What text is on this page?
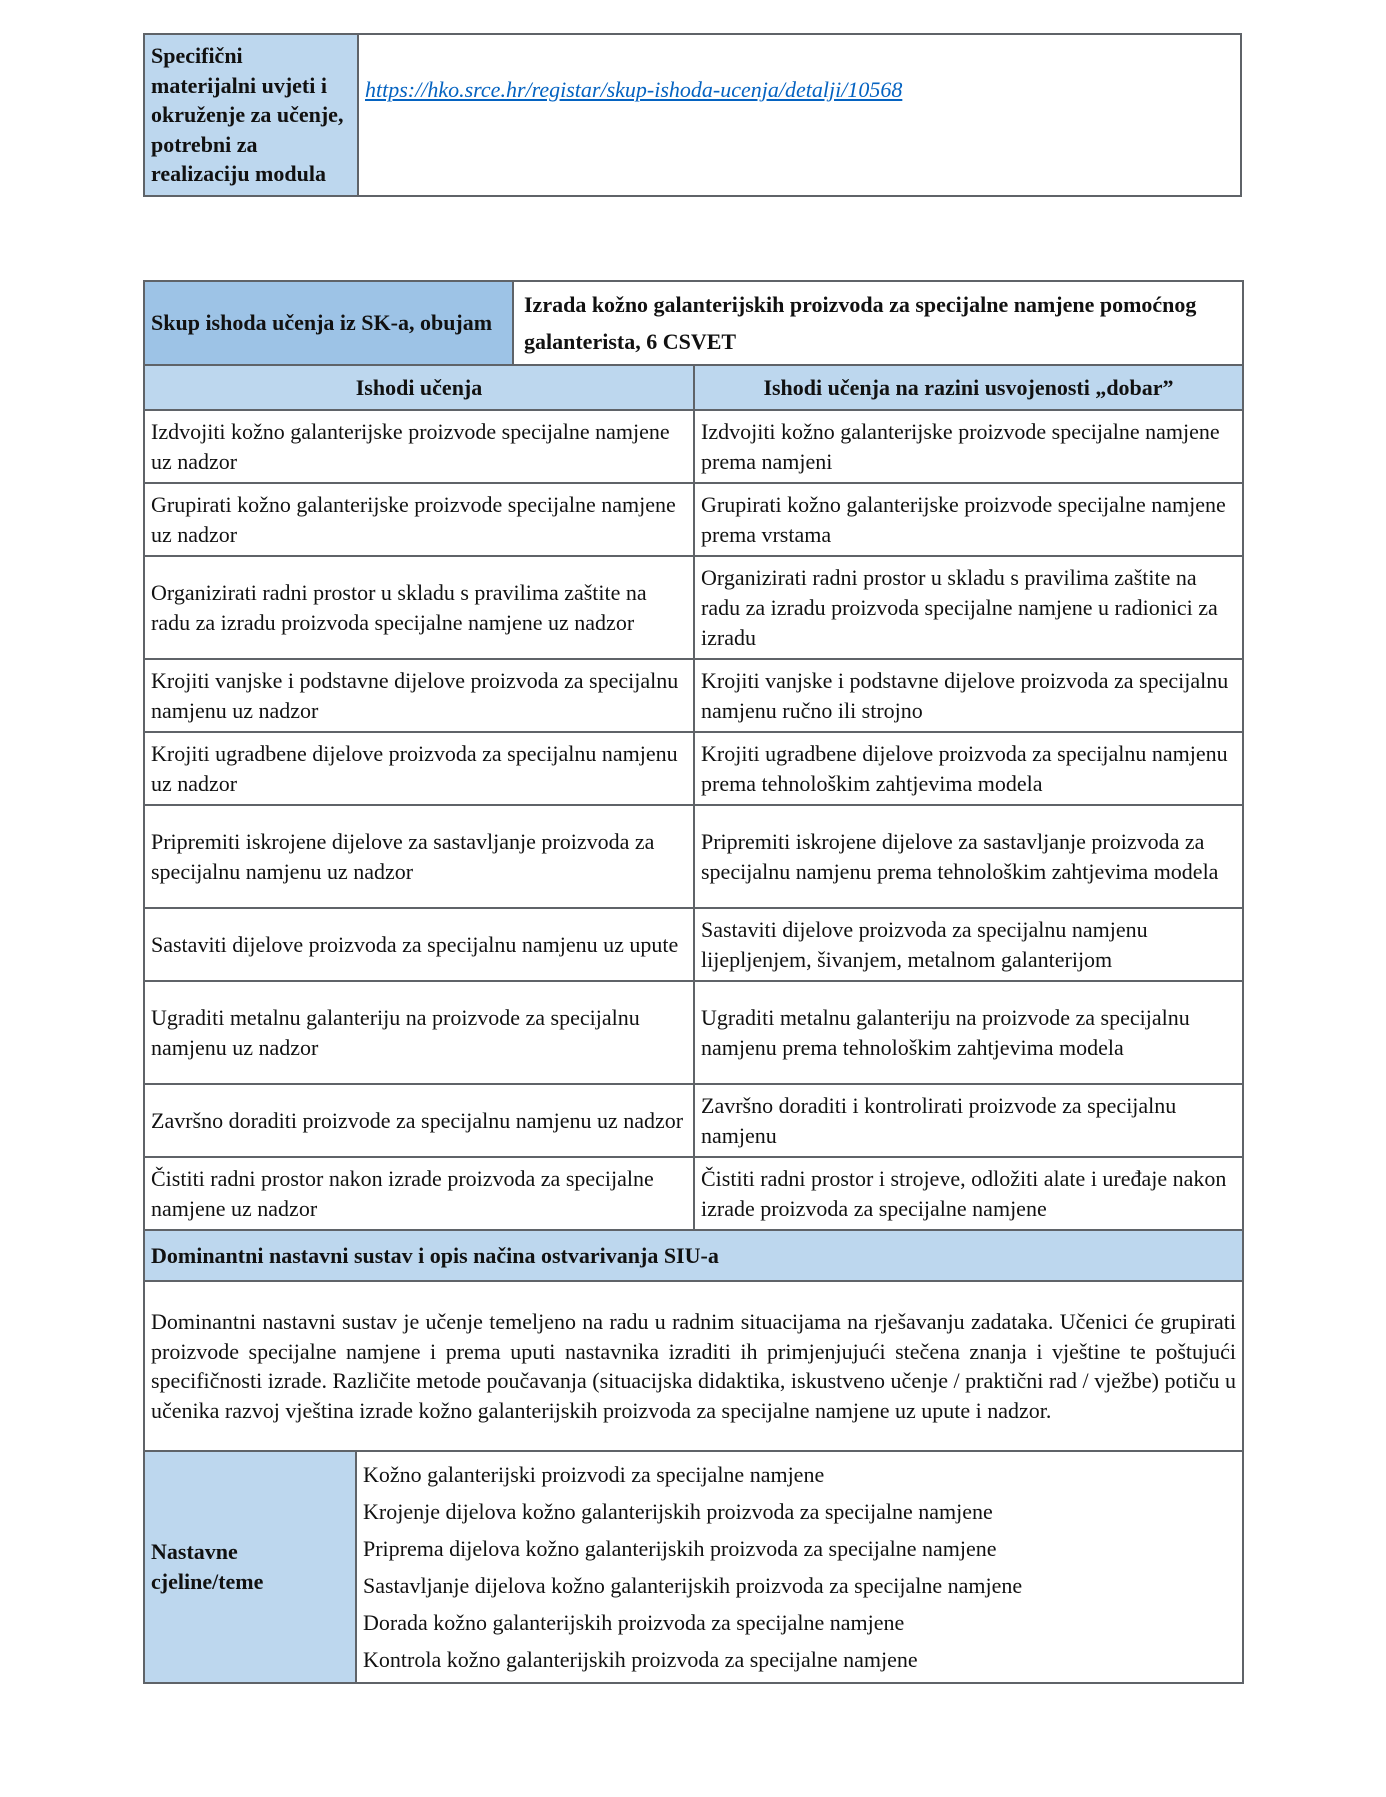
Specifični materijalni uvjeti i okruženje za učenje, potrebni za realizaciju modula	https://hko.srce.hr/registar/skup-ishoda-ucenja/detalji/10568
Skup ishoda učenja iz SK-a, obujam		Izrada kožno galanterijskih proizvoda za specijalne namjene pomoćnog galanterista, 6 CSVET	
Ishodi učenja			Ishodi učenja na razini usvojenosti „dobar”
Izdvojiti kožno galanterijske proizvode specijalne namjene uz nadzor			Izdvojiti kožno galanterijske proizvode specijalne namjene prema namjeni
Grupirati kožno galanterijske proizvode specijalne namjene uz nadzor			Grupirati kožno galanterijske proizvode specijalne namjene prema vrstama
Organizirati radni prostor u skladu s pravilima zaštite na radu za izradu proizvoda specijalne namjene uz nadzor			Organizirati radni prostor u skladu s pravilima zaštite na radu za izradu proizvoda specijalne namjene u radionici za izradu
Krojiti vanjske i podstavne dijelove proizvoda za specijalnu namjenu uz nadzor			Krojiti vanjske i podstavne dijelove proizvoda za specijalnu namjenu ručno ili strojno
Krojiti ugradbene dijelove proizvoda za specijalnu namjenu uz nadzor			Krojiti ugradbene dijelove proizvoda za specijalnu namjenu prema tehnološkim zahtjevima modela
Pripremiti iskrojene dijelove za sastavljanje proizvoda za specijalnu namjenu uz nadzor			Pripremiti iskrojene dijelove za sastavljanje proizvoda za specijalnu namjenu prema tehnološkim zahtjevima modela
Sastaviti dijelove proizvoda za specijalnu namjenu uz upute			Sastaviti dijelove proizvoda za specijalnu namjenu lijepljenjem, šivanjem, metalnom galanterijom
Ugraditi metalnu galanteriju na proizvode za specijalnu namjenu uz nadzor			Ugraditi metalnu galanteriju na proizvode za specijalnu namjenu prema tehnološkim zahtjevima modela
Završno doraditi proizvode za specijalnu namjenu uz nadzor			Završno doraditi i kontrolirati proizvode za specijalnu namjenu
Čistiti radni prostor nakon izrade proizvoda za specijalne namjene uz nadzor			Čistiti radni prostor i strojeve, odložiti alate i uređaje nakon izrade proizvoda za specijalne namjene
Dominantni nastavni sustav i opis načina ostvarivanja SIU-a			
Dominantni nastavni sustav je učenje temeljeno na radu u radnim situacijama na rješavanju zadataka. Učenici će grupirati proizvode specijalne namjene i prema uputi nastavnika izraditi ih primjenjujući stečena znanja i vještine te poštujući specifičnosti izrade. Različite metode poučavanja (situacijska didaktika, iskustveno učenje / praktični rad / vježbe) potiču u učenika razvoj vještina izrade kožno galanterijskih proizvoda za specijalne namjene uz upute i nadzor.			
Nastavne cjeline/teme	
Kožno galanterijski proizvodi za specijalne namjene
Krojenje dijelova kožno galanterijskih proizvoda za specijalne namjene
Priprema dijelova kožno galanterijskih proizvoda za specijalne namjene
Sastavljanje dijelova kožno galanterijskih proizvoda za specijalne namjene
Dorada kožno galanterijskih proizvoda za specijalne namjene
Kontrola kožno galanterijskih proizvoda za specijalne namjene
